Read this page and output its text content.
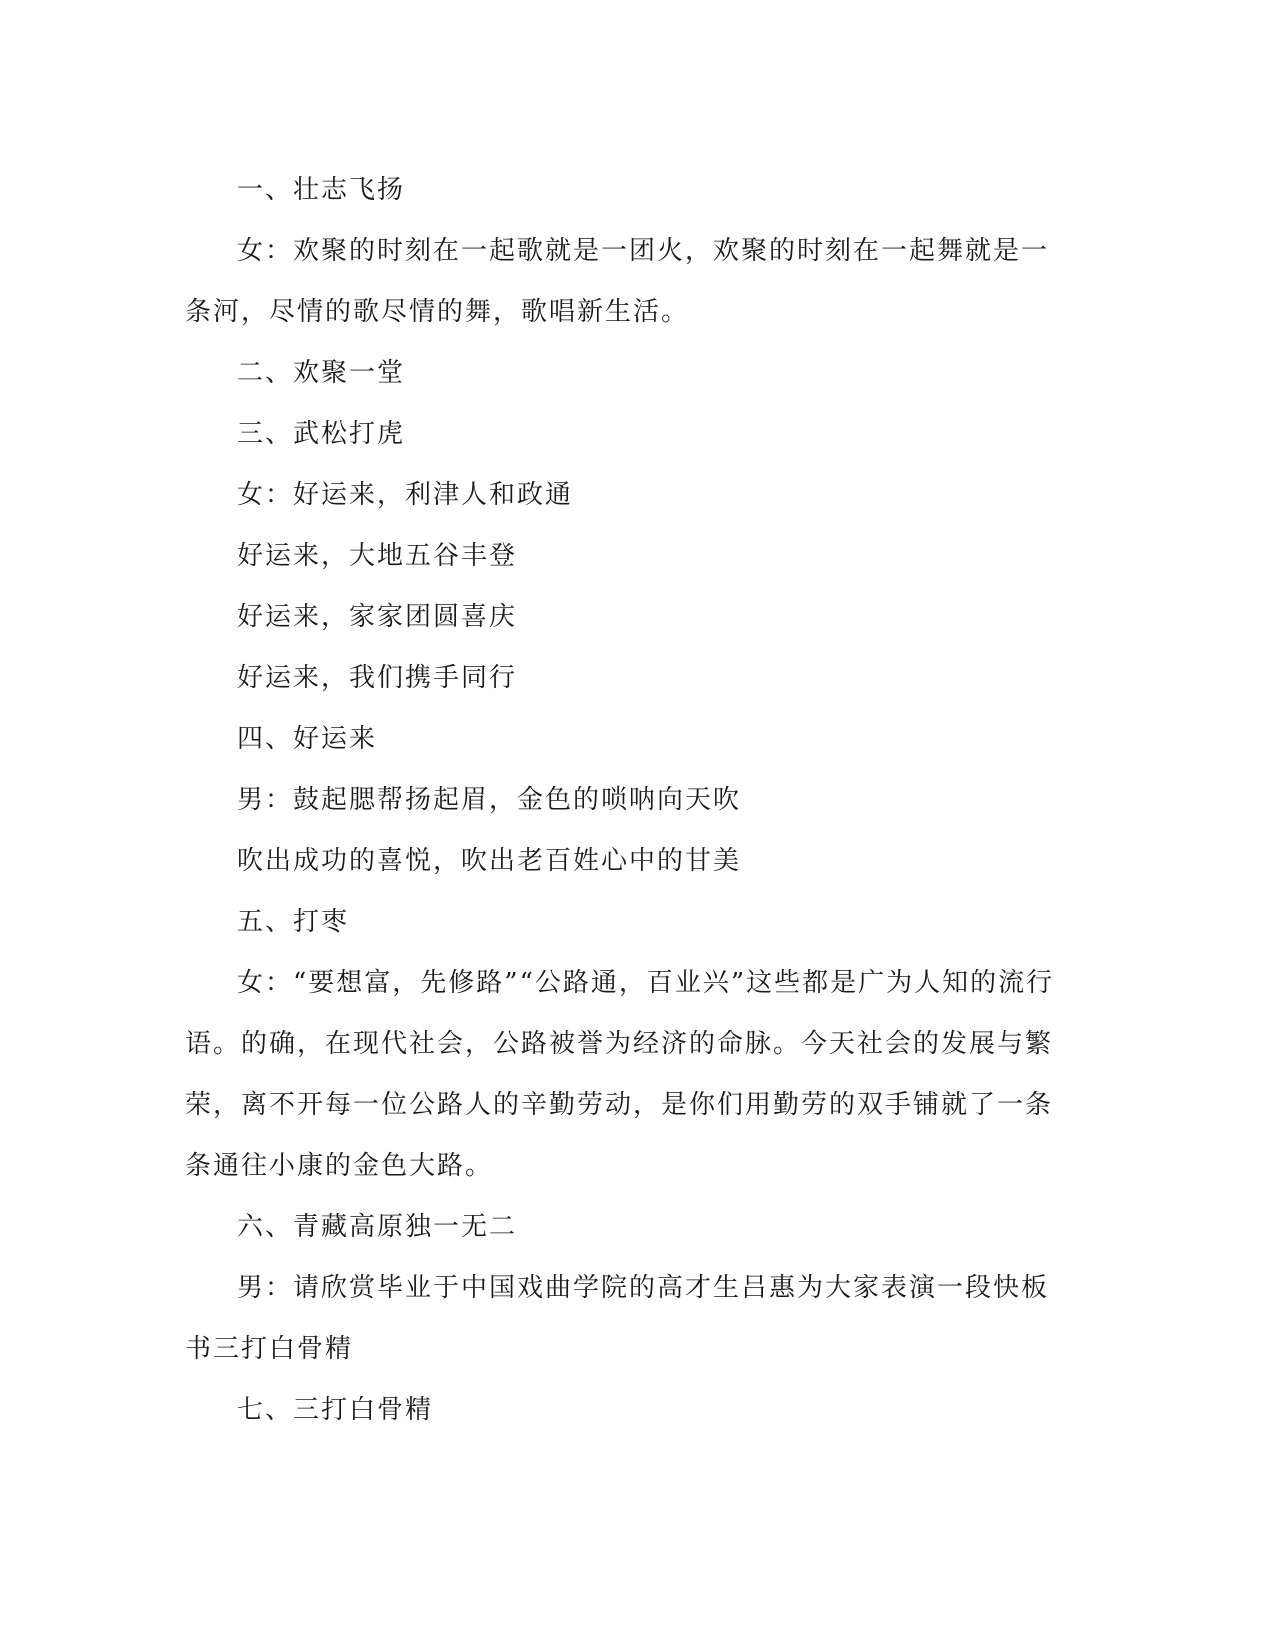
一、壮志飞扬

女：欢聚的时刻在一起歌就是一团火，欢聚的时刻在一起舞就是一条河，尽情的歌尽情的舞，歌唱新生活。

二、欢聚一堂

三、武松打虎

女：好运来，利津人和政通

好运来，大地五谷丰登

好运来，家家团圆喜庆

好运来，我们携手同行

四、好运来

男：鼓起腮帮扬起眉，金色的唢呐向天吹

吹出成功的喜悦，吹出老百姓心中的甘美

五、打枣

女：“要想富，先修路”“公路通，百业兴”这些都是广为人知的流行语。的确，在现代社会，公路被誉为经济的命脉。今天社会的发展与繁荣，离不开每一位公路人的辛勤劳动，是你们用勤劳的双手铺就了一条条通往小康的金色大路。

六、青藏高原独一无二

男：请欣赏毕业于中国戏曲学院的高才生吕惠为大家表演一段快板书三打白骨精

七、三打白骨精
